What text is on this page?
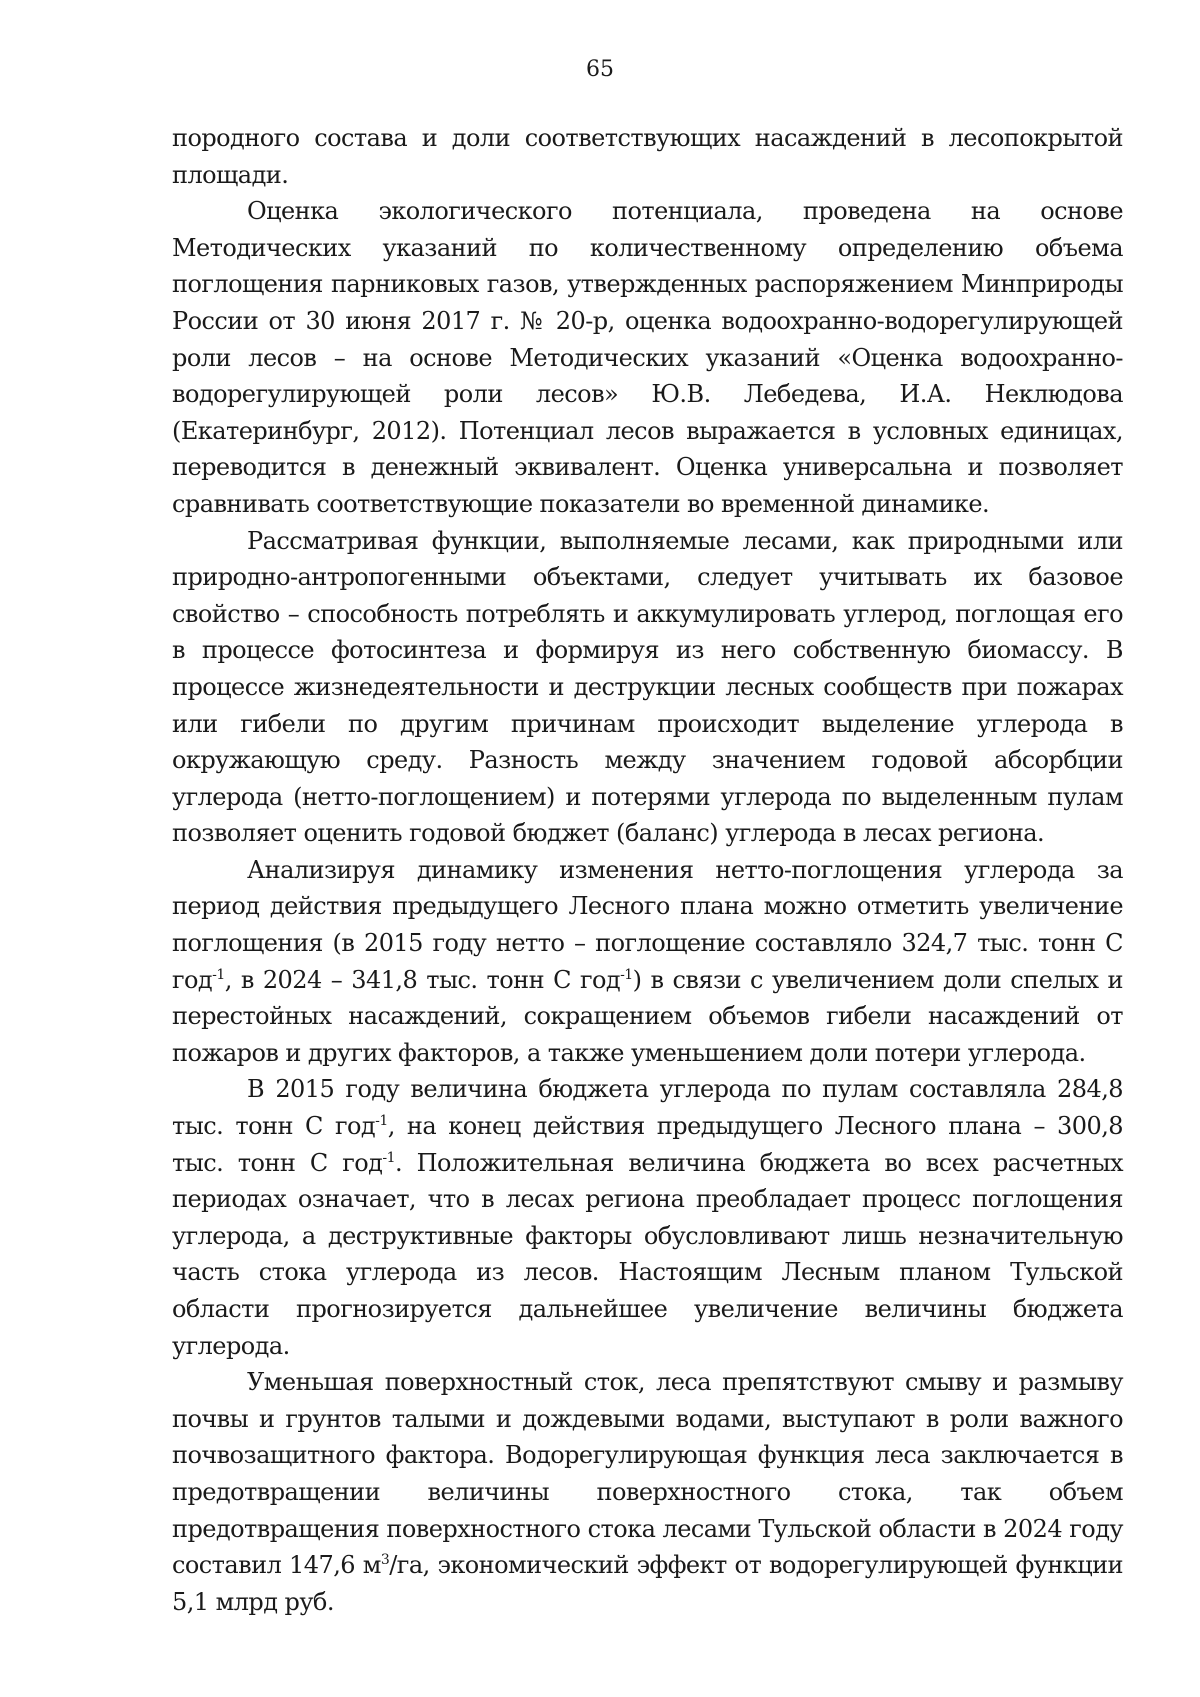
65

породного состава и доли соответствующих насаждений в лесопокрытой площади.

Оценка экологического потенциала, проведена на основе Методических указаний по количественному определению объема поглощения парниковых газов, утвержденных распоряжением Минприроды России от 30 июня 2017 г. № 20-р, оценка водоохранно-водорегулирующей роли лесов – на основе Методических указаний «Оценка водоохранно-водорегулирующей роли лесов» Ю.В. Лебедева, И.А. Неклюдова (Екатеринбург, 2012). Потенциал лесов выражается в условных единицах, переводится в денежный эквивалент. Оценка универсальна и позволяет сравнивать соответствующие показатели во временной динамике.

Рассматривая функции, выполняемые лесами, как природными или природно-антропогенными объектами, следует учитывать их базовое свойство – способность потреблять и аккумулировать углерод, поглощая его в процессе фотосинтеза и формируя из него собственную биомассу. В процессе жизнедеятельности и деструкции лесных сообществ при пожарах или гибели по другим причинам происходит выделение углерода в окружающую среду. Разность между значением годовой абсорбции углерода (нетто-поглощением) и потерями углерода по выделенным пулам позволяет оценить годовой бюджет (баланс) углерода в лесах региона.

Анализируя динамику изменения нетто-поглощения углерода за период действия предыдущего Лесного плана можно отметить увеличение поглощения (в 2015 году нетто – поглощение составляло 324,7 тыс. тонн С год$^{-1}$, в 2024 – 341,8 тыс. тонн С год$^{-1}$) в связи с увеличением доли спелых и перестойных насаждений, сокращением объемов гибели насаждений от пожаров и других факторов, а также уменьшением доли потери углерода.

В 2015 году величина бюджета углерода по пулам составляла 284,8 тыс. тонн С год$^{-1}$, на конец действия предыдущего Лесного плана – 300,8 тыс. тонн С год$^{-1}$. Положительная величина бюджета во всех расчетных периодах означает, что в лесах региона преобладает процесс поглощения углерода, а деструктивные факторы обусловливают лишь незначительную часть стока углерода из лесов. Настоящим Лесным планом Тульской области прогнозируется дальнейшее увеличение величины бюджета углерода.

Уменьшая поверхностный сток, леса препятствуют смыву и размыву почвы и грунтов талыми и дождевыми водами, выступают в роли важного почвозащитного фактора. Водорегулирующая функция леса заключается в предотвращении величины поверхностного стока, так объем предотвращения поверхностного стока лесами Тульской области в 2024 году составил 147,6 $м^3/га$, экономический эффект от водорегулирующей функции 5,1 млрд руб.
